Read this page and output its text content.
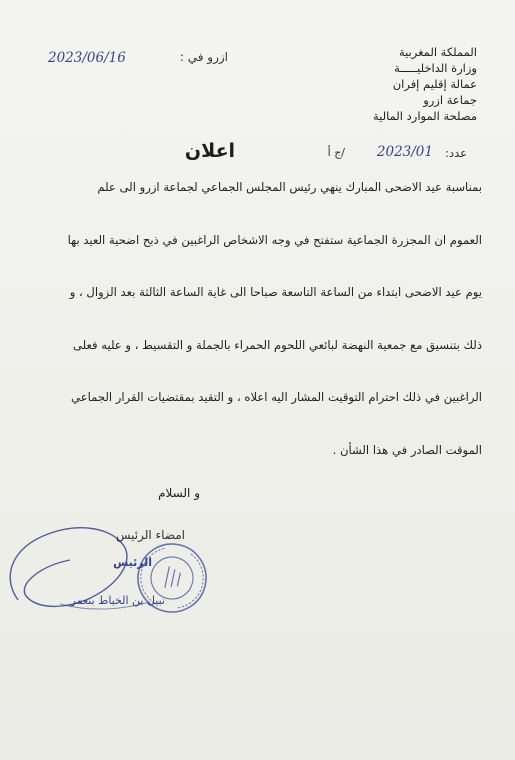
المملكة المغربية
وزارة الداخليـــــة
عمالة إقليم إفران
جماعة ازرو
مصلحة الموارد المالية
ازرو في :
2023/06/16
عدد:
2023/01
/ج أ
اعلان
بمناسبة عيد الاضحى المبارك ينهي رئيس المجلس الجماعي لجماعة ازرو الى علم
العموم ان المجزرة الجماعية ستفتح في وجه الاشخاص الراغبين في ذبح اضحية العيد بها
يوم عيد الاضحى ابتداء من الساعة التاسعة صباحا الى غاية الساعة الثالثة بعد الزوال ، و
ذلك بتنسيق مع جمعية النهضة لبائعي اللحوم الحمراء بالجملة و التقسيط ، و عليه فعلى
الراغبين في ذلك احترام التوقيت المشار اليه اعلاه ، و التقيد بمقتضيات القرار الجماعي
الموقت الصادر في هذا الشأن .
و السلام
امضاء الرئيس
الرئيس
نبيل بن الخياط بنعمر
